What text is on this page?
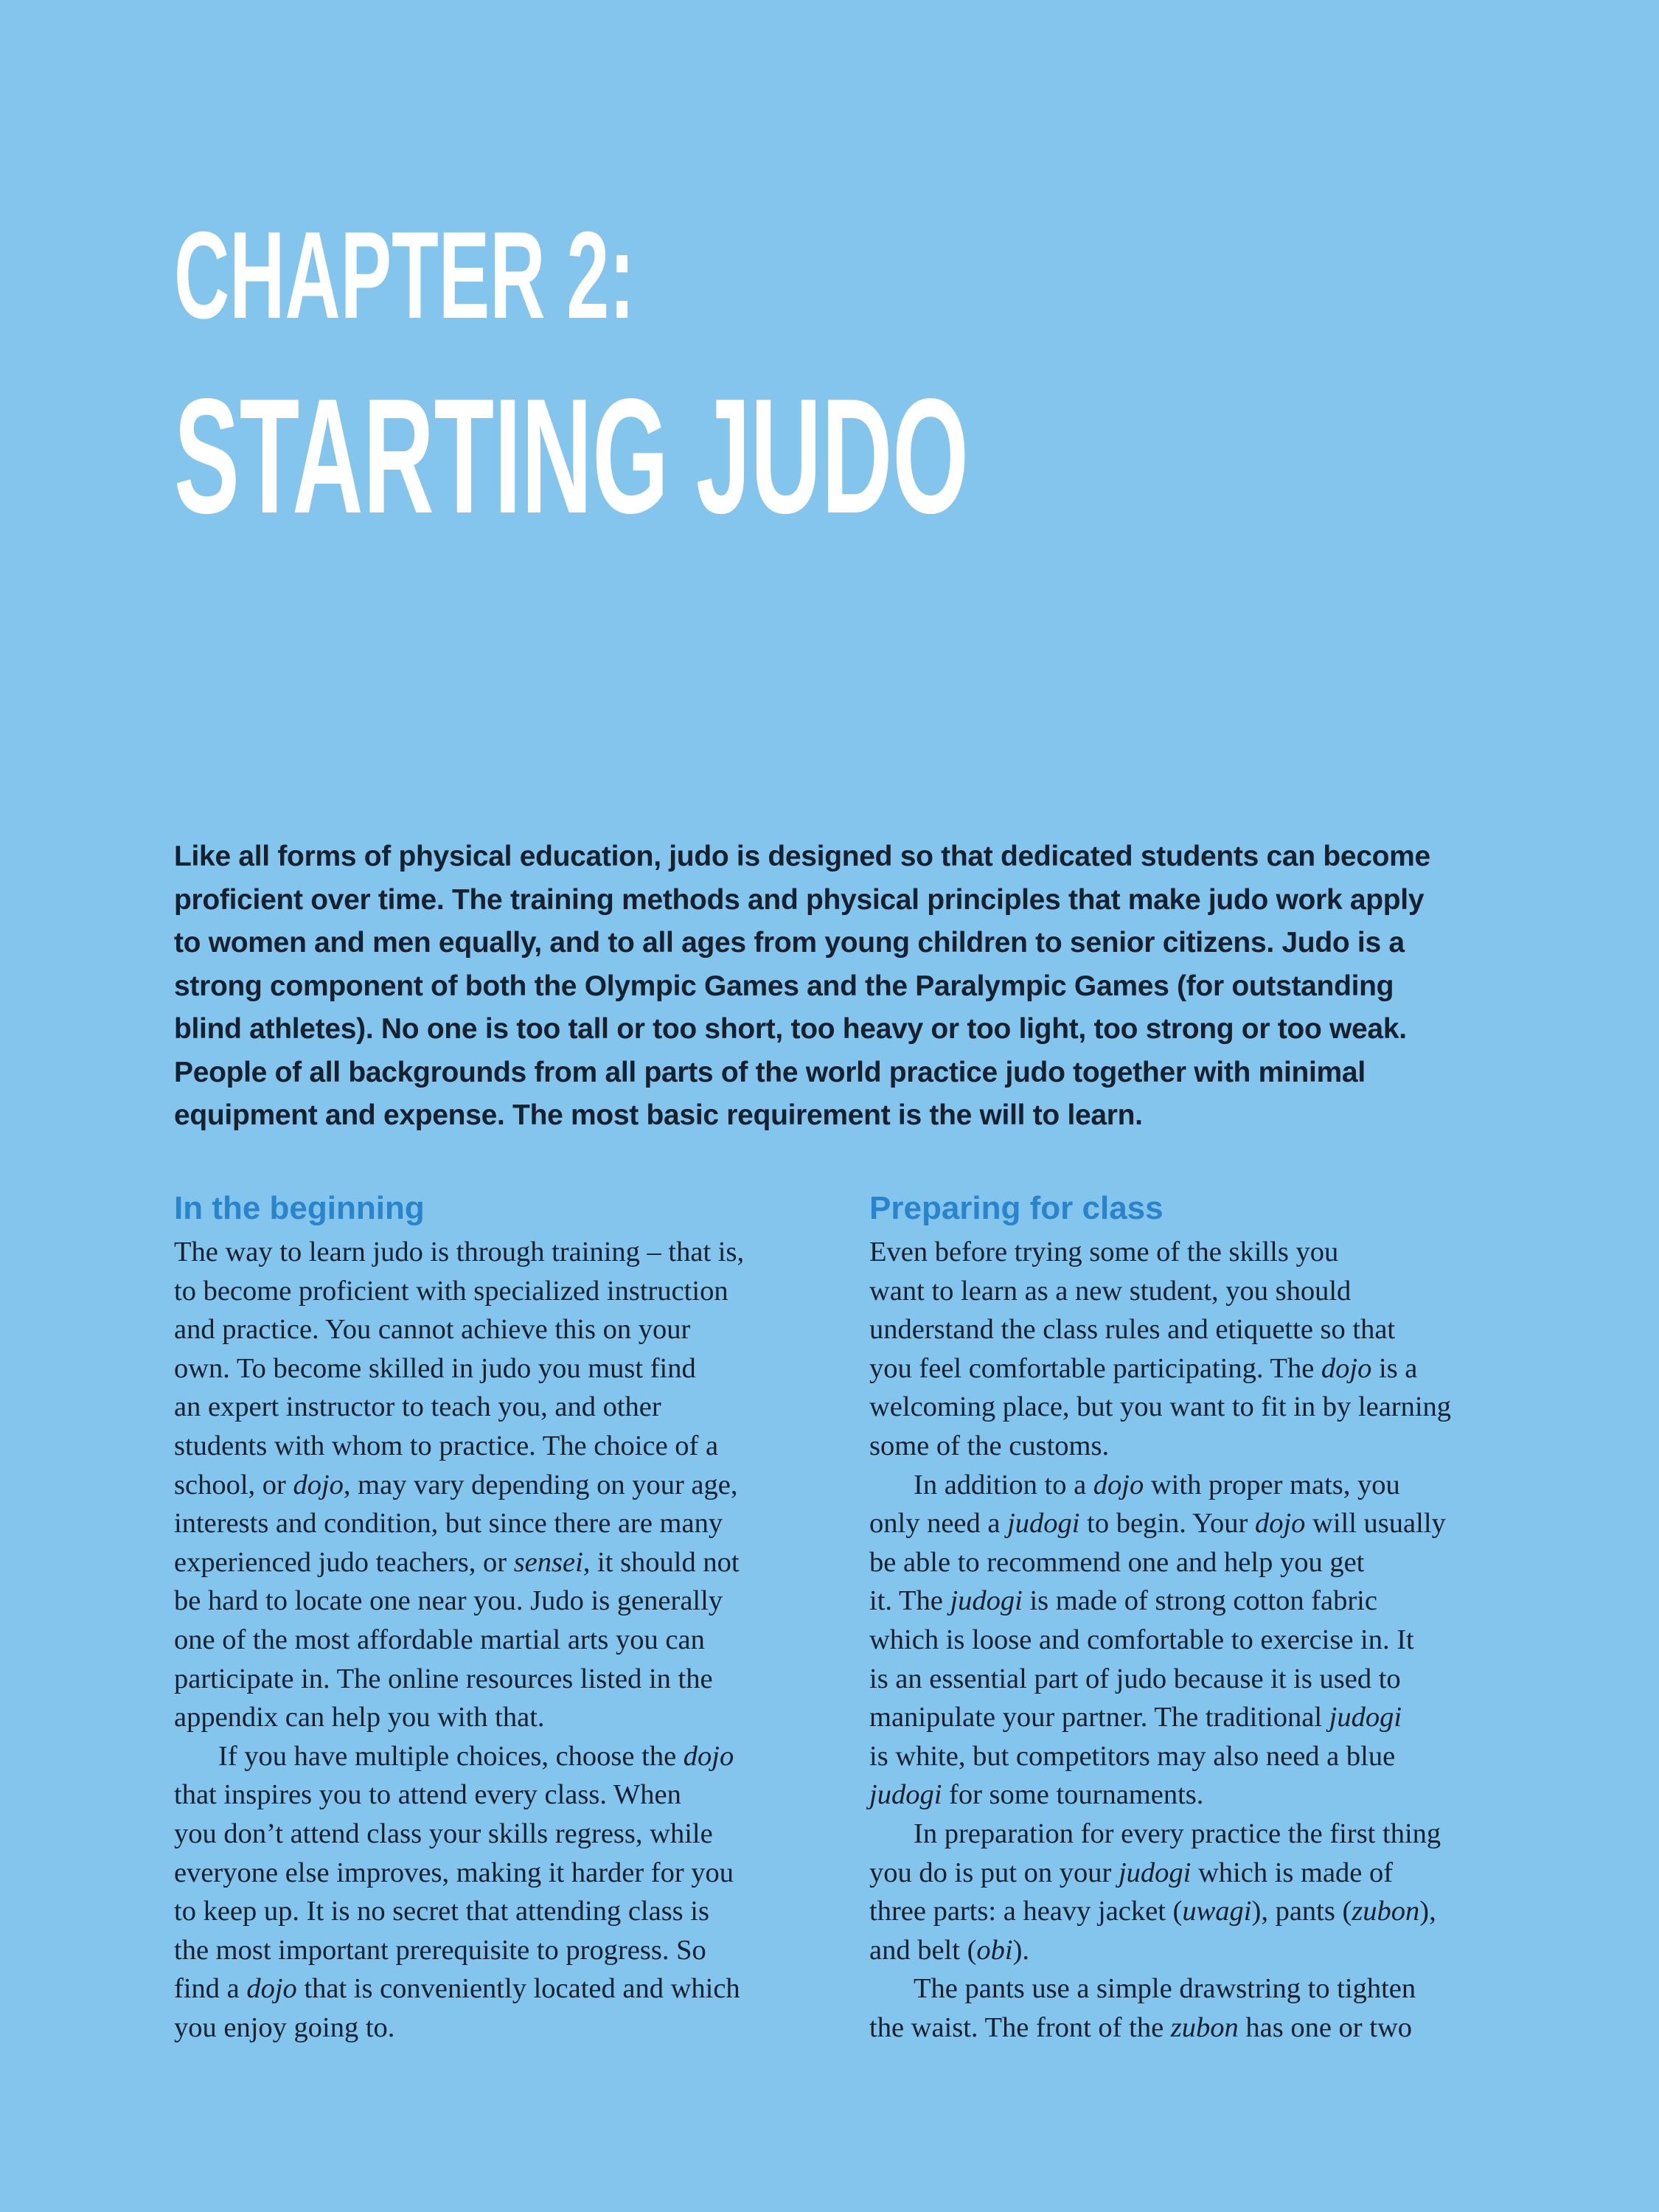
CHAPTER 2:
STARTING JUDO
Like all forms of physical education, judo is designed so that dedicated students can become
proficient over time. The training methods and physical principles that make judo work apply
to women and men equally, and to all ages from young children to senior citizens. Judo is a
strong component of both the Olympic Games and the Paralympic Games (for outstanding
blind athletes). No one is too tall or too short, too heavy or too light, too strong or too weak.
People of all backgrounds from all parts of the world practice judo together with minimal
equipment and expense. The most basic requirement is the will to learn.
In the beginning

The way to learn judo is through training – that is,
to become proficient with specialized instruction
and practice. You cannot achieve this on your
own. To become skilled in judo you must find
an expert instructor to teach you, and other
students with whom to practice. The choice of a
school, or dojo, may vary depending on your age,
interests and condition, but since there are many
experienced judo teachers, or sensei, it should not
be hard to locate one near you. Judo is generally
one of the most affordable martial arts you can
participate in. The online resources listed in the
appendix can help you with that.

If you have multiple choices, choose the dojo

that inspires you to attend every class. When
you don’t attend class your skills regress, while
everyone else improves, making it harder for you
to keep up. It is no secret that attending class is
the most important prerequisite to progress. So
find a dojo that is conveniently located and which
you enjoy going to.

Preparing for class

Even before trying some of the skills you
want to learn as a new student, you should
understand the class rules and etiquette so that
you feel comfortable participating. The dojo is a
welcoming place, but you want to fit in by learning
some of the customs.

In addition to a dojo with proper mats, you

only need a judogi to begin. Your dojo will usually
be able to recommend one and help you get
it. The judogi is made of strong cotton fabric
which is loose and comfortable to exercise in. It
is an essential part of judo because it is used to
manipulate your partner. The traditional judogi
is white, but competitors may also need a blue
judogi for some tournaments.

In preparation for every practice the first thing

you do is put on your judogi which is made of
three parts: a heavy jacket (uwagi), pants (zubon),
and belt (obi).

The pants use a simple drawstring to tighten

the waist. The front of the zubon has one or two
